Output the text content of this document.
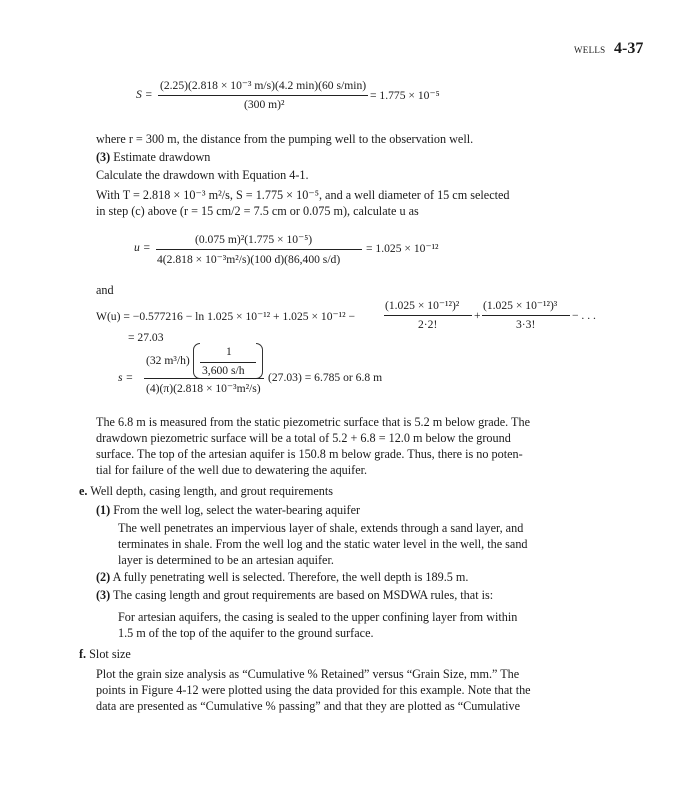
WELLS 4-37
S =
(2.25)(2.818 × 10⁻³ m/s)(4.2 min)(60 s/min)
(300 m)²
= 1.775 × 10⁻⁵
where r = 300 m, the distance from the pumping well to the observation well.
(3) Estimate drawdown
Calculate the drawdown with Equation 4-1.
With T = 2.818 × 10⁻³ m²/s, S = 1.775 × 10⁻⁵, and a well diameter of 15 cm selected
in step (c) above (r = 15 cm/2 = 7.5 cm or 0.075 m), calculate u as
u =
(0.075 m)²(1.775 × 10⁻⁵)
4(2.818 × 10⁻³m²/s)(100 d)(86,400 s/d)
= 1.025 × 10⁻¹²
and
W(u) = −0.577216 − ln 1.025 × 10⁻¹² + 1.025 × 10⁻¹² −
(1.025 × 10⁻¹²)²
2·2!
+
(1.025 × 10⁻¹²)³
3·3!
− . . .
= 27.03
s =
(32 m³/h)
1
3,600 s/h
(4)(π)(2.818 × 10⁻³m²/s)
(27.03) = 6.785 or 6.8 m
The 6.8 m is measured from the static piezometric surface that is 5.2 m below grade. The
drawdown piezometric surface will be a total of 5.2 + 6.8 = 12.0 m below the ground
surface. The top of the artesian aquifer is 150.8 m below grade. Thus, there is no poten-
tial for failure of the well due to dewatering the aquifer.
e. Well depth, casing length, and grout requirements
(1) From the well log, select the water-bearing aquifer
The well penetrates an impervious layer of shale, extends through a sand layer, and
terminates in shale. From the well log and the static water level in the well, the sand
layer is determined to be an artesian aquifer.
(2) A fully penetrating well is selected. Therefore, the well depth is 189.5 m.
(3) The casing length and grout requirements are based on MSDWA rules, that is:
For artesian aquifers, the casing is sealed to the upper confining layer from within
1.5 m of the top of the aquifer to the ground surface.
f. Slot size
Plot the grain size analysis as “Cumulative % Retained” versus “Grain Size, mm.” The
points in Figure 4-12 were plotted using the data provided for this example. Note that the
data are presented as “Cumulative % passing” and that they are plotted as “Cumulative
